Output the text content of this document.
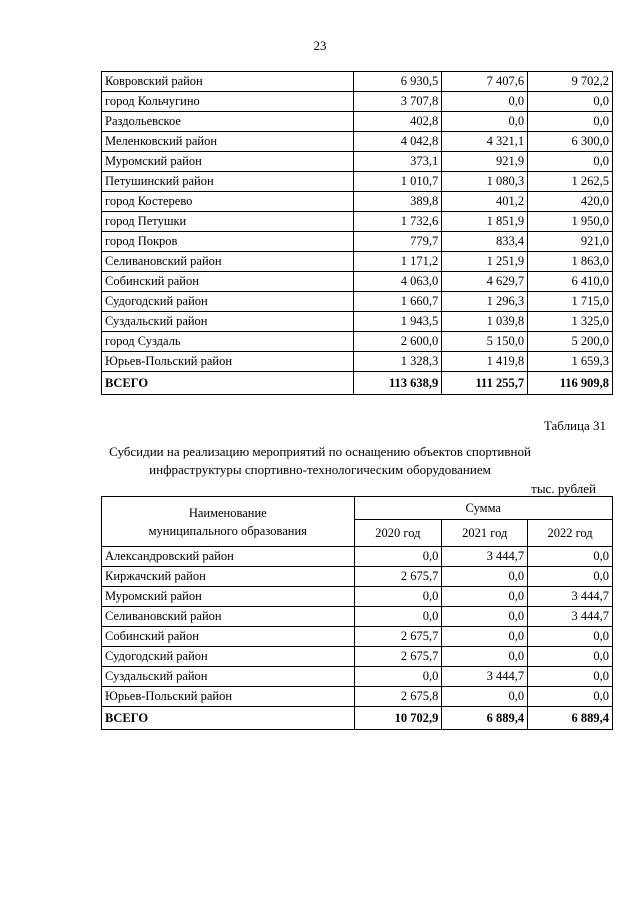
23
Ковровский район	6 930,5	7 407,6	9 702,2
город Кольчугино	3 707,8	0,0	0,0
Раздольевское	402,8	0,0	0,0
Меленковский район	4 042,8	4 321,1	6 300,0
Муромский район	373,1	921,9	0,0
Петушинский район	1 010,7	1 080,3	1 262,5
город Костерево	389,8	401,2	420,0
город Петушки	1 732,6	1 851,9	1 950,0
город Покров	779,7	833,4	921,0
Селивановский район	1 171,2	1 251,9	1 863,0
Собинский район	4 063,0	4 629,7	6 410,0
Судогодский район	1 660,7	1 296,3	1 715,0
Суздальский район	1 943,5	1 039,8	1 325,0
город Суздаль	2 600,0	5 150,0	5 200,0
Юрьев-Польский район	1 328,3	1 419,8	1 659,3
ВСЕГО	113 638,9	111 255,7	116 909,8
Таблица 31
Субсидии на реализацию мероприятий по оснащению объектов спортивной
инфраструктуры спортивно-технологическим оборудованием
тыс. рублей
Наименование
муниципального образования	Сумма		
	2020 год	2021 год	2022 год
Александровский район	0,0	3 444,7	0,0
Киржачский район	2 675,7	0,0	0,0
Муромский район	0,0	0,0	3 444,7
Селивановский район	0,0	0,0	3 444,7
Собинский район	2 675,7	0,0	0,0
Судогодский район	2 675,7	0,0	0,0
Суздальский район	0,0	3 444,7	0,0
Юрьев-Польский район	2 675,8	0,0	0,0
ВСЕГО	10 702,9	6 889,4	6 889,4
